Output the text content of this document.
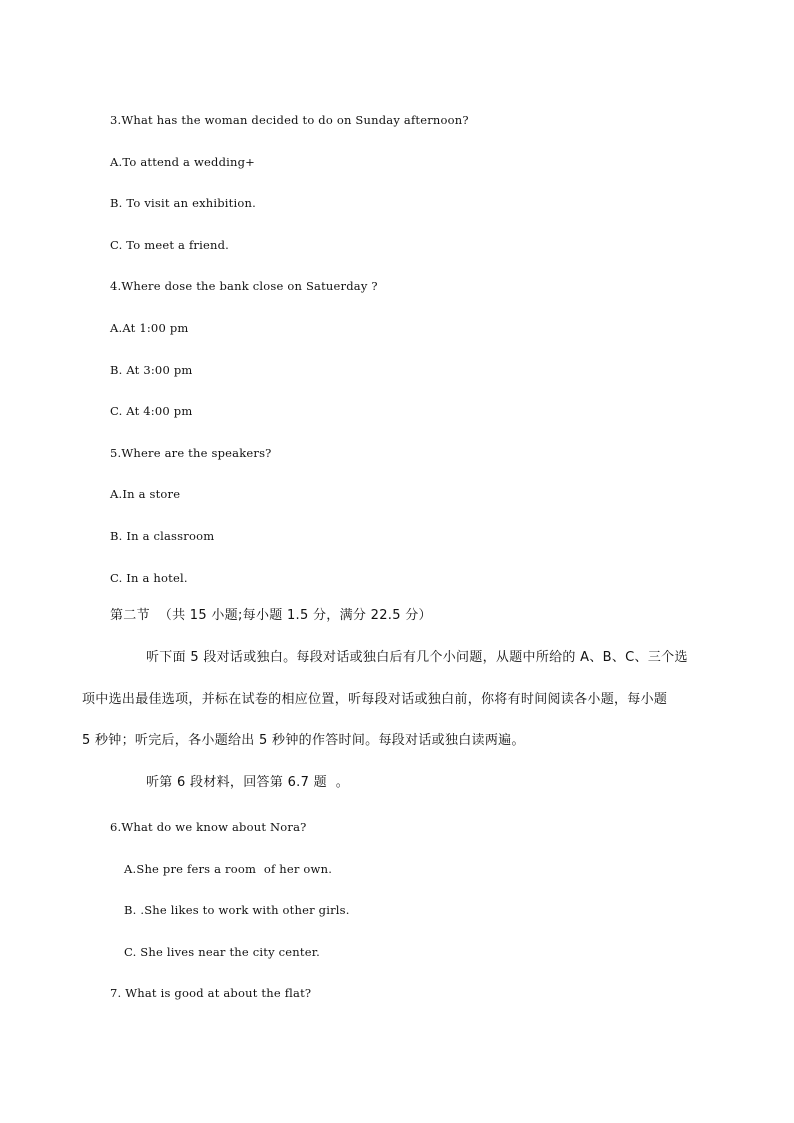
3.What has the woman decided to do on Sunday afternoon?
A.To attend a wedding+
B. To visit an exhibition.
C. To meet a friend.
4.Where dose the bank close on Satuerday ?
A.At 1:00 pm
B. At 3:00 pm
C. At 4:00 pm
5.Where are the speakers?
A.In a store
B. In a classroom
C. In a hotel.
第二节  （共 15 小题;每小题 1.5 分，满分 22.5 分）
听下面 5 段对话或独白。每段对话或独白后有几个小问题，从题中所给的 A、B、C、三个选
项中选出最佳选项，并标在试卷的相应位置，听每段对话或独白前，你将有时间阅读各小题，每小题
5 秒钟；听完后，各小题给出 5 秒钟的作答时间。每段对话或独白读两遍。
听第 6 段材料，回答第 6.7 题  。
6.What do we know about Nora?
A.She pre fers a room  of her own.
B. .She likes to work with other girls.
C. She lives near the city center.
7. What is good at about the flat?
